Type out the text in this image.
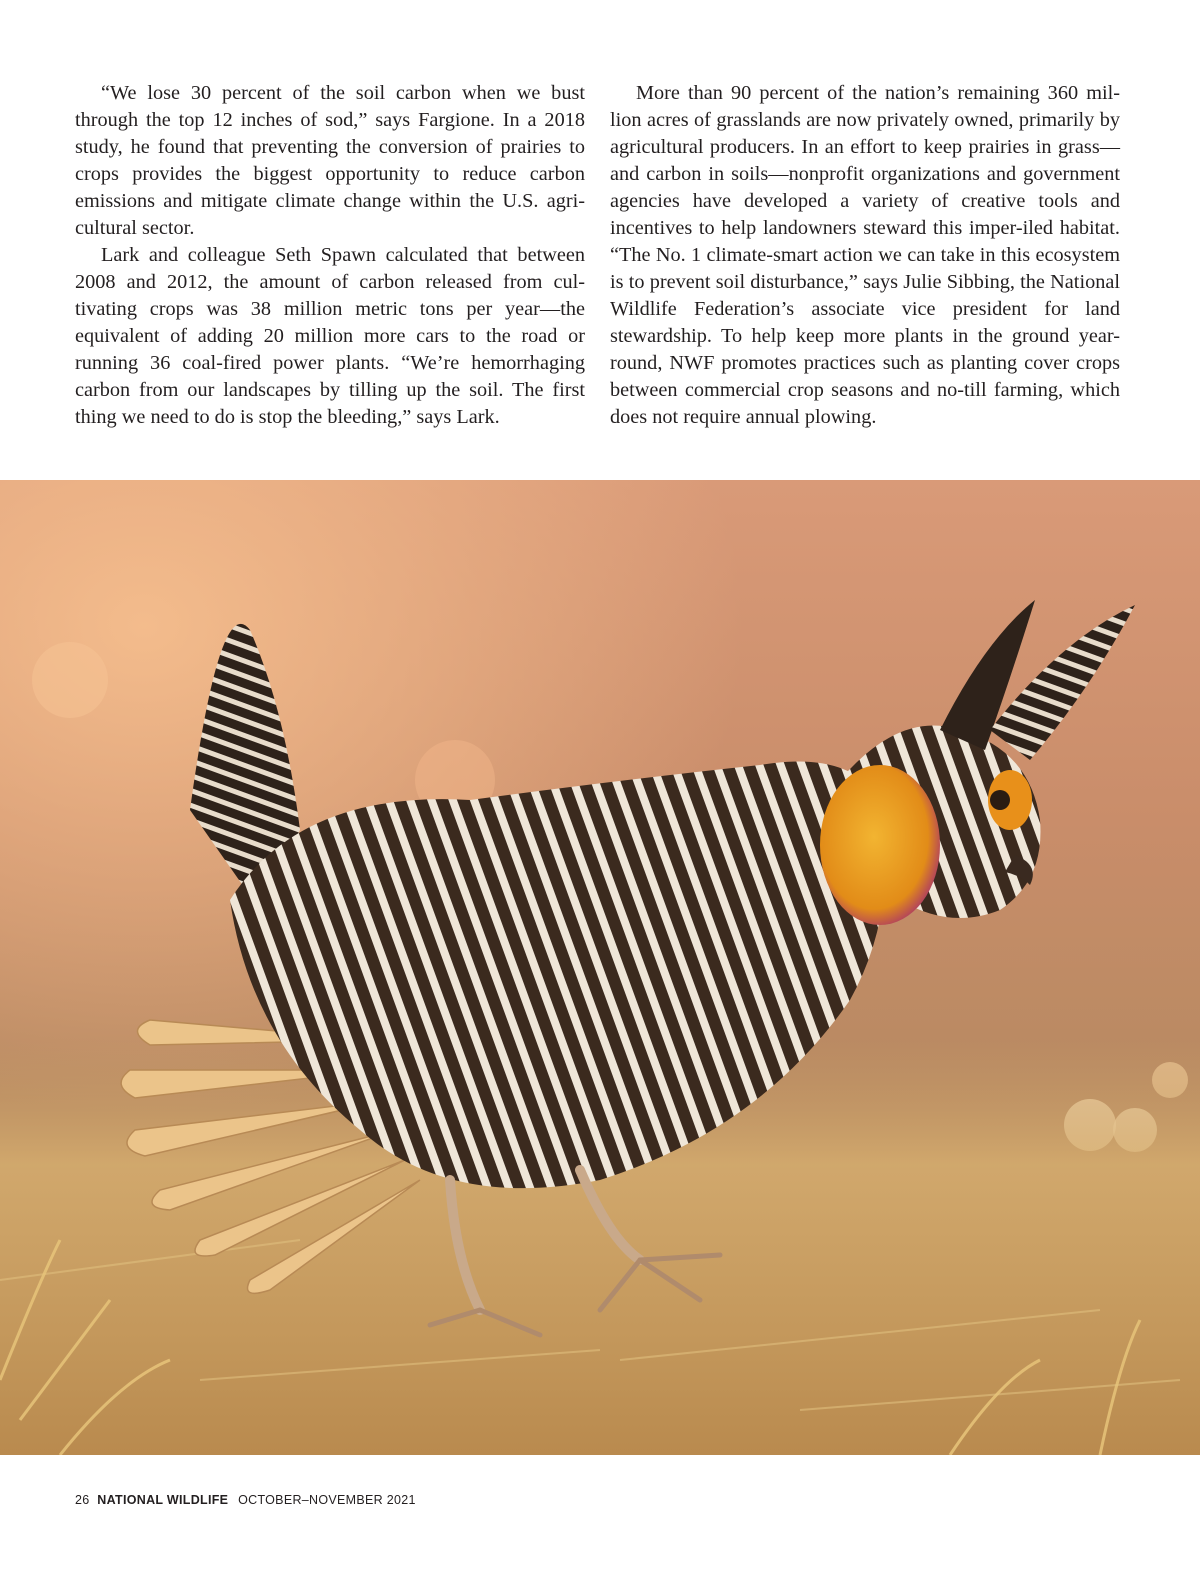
“We lose 30 percent of the soil carbon when we bust through the top 12 inches of sod,” says Fargione. In a 2018 study, he found that preventing the conversion of prairies to crops provides the biggest opportunity to reduce carbon emissions and mitigate climate change within the U.S. agri-cultural sector.

Lark and colleague Seth Spawn calculated that between 2008 and 2012, the amount of carbon released from cul-tivating crops was 38 million metric tons per year—the equivalent of adding 20 million more cars to the road or running 36 coal-fired power plants. “We’re hemorrhaging carbon from our landscapes by tilling up the soil. The first thing we need to do is stop the bleeding,” says Lark.

More than 90 percent of the nation’s remaining 360 mil-lion acres of grasslands are now privately owned, primarily by agricultural producers. In an effort to keep prairies in grass—and carbon in soils—nonprofit organizations and government agencies have developed a variety of creative tools and incentives to help landowners steward this imper-iled habitat. “The No. 1 climate-smart action we can take in this ecosystem is to prevent soil disturbance,” says Julie Sibbing, the National Wildlife Federation’s associate vice president for land stewardship. To help keep more plants in the ground year-round, NWF promotes practices such as planting cover crops between commercial crop seasons and no-till farming, which does not require annual plowing.

26 NATIONAL WILDLIFE OCTOBER–NOVEMBER 2021
